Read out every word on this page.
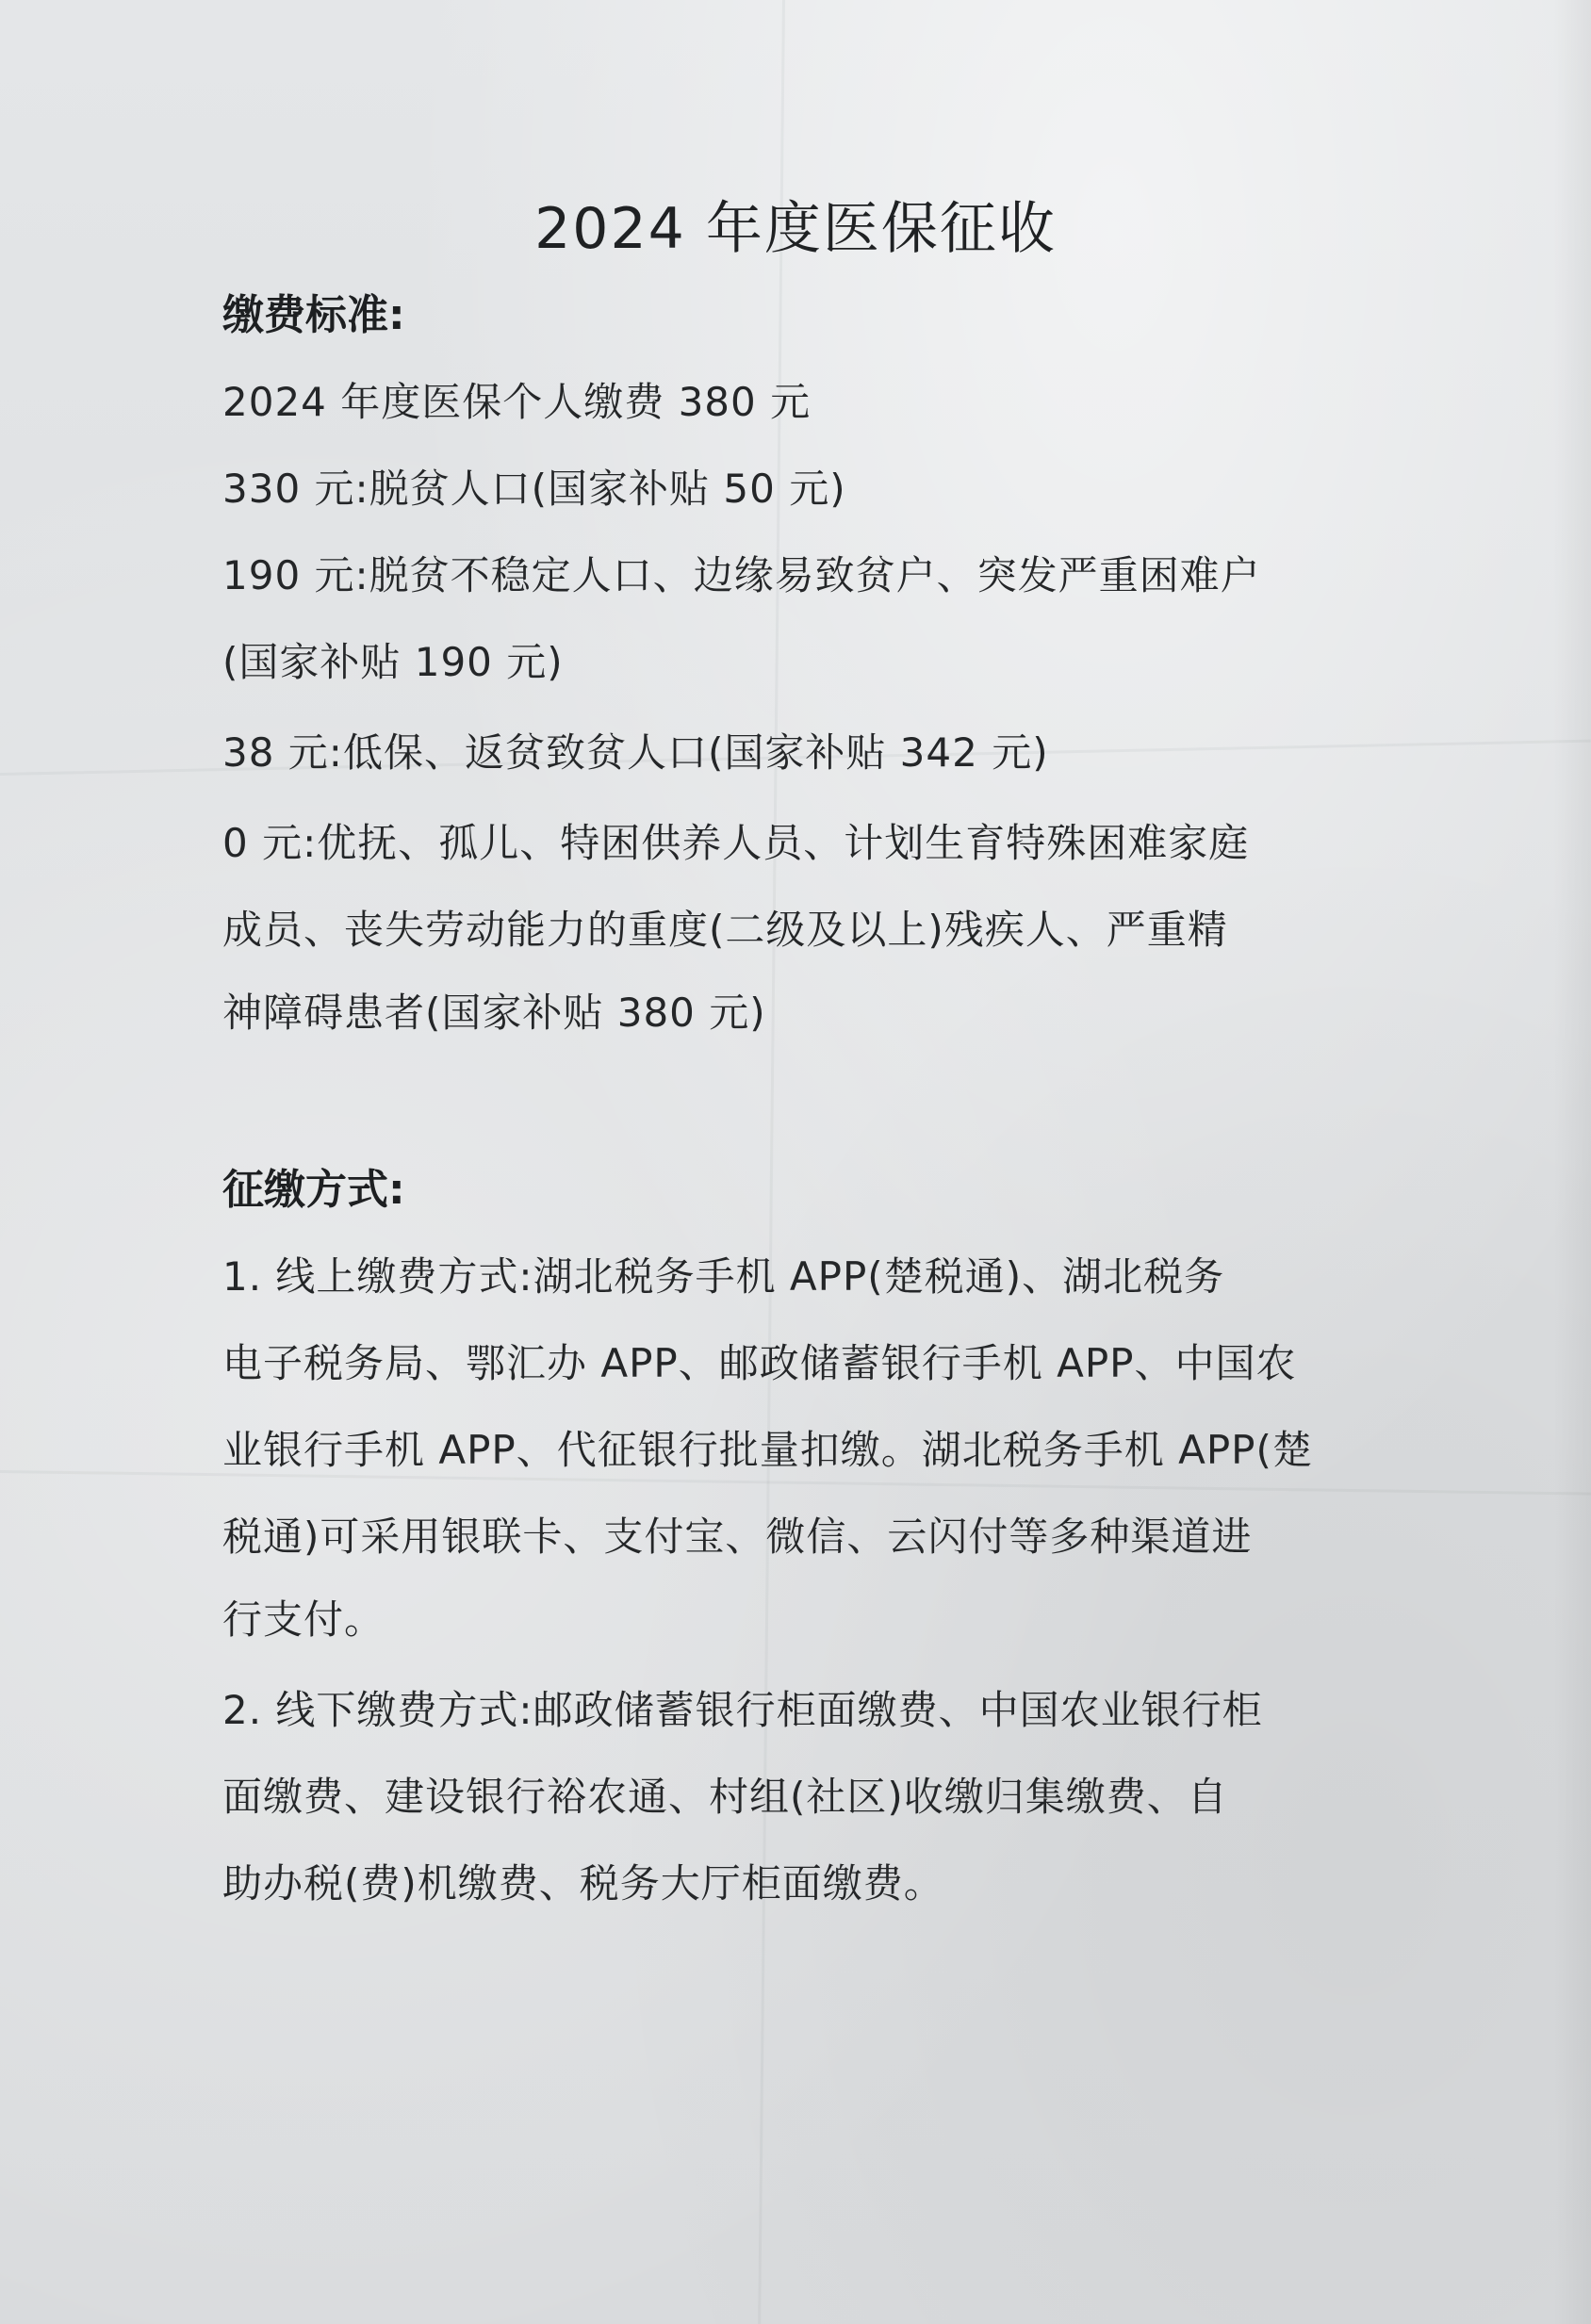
2024 年度医保征收
缴费标准:
2024 年度医保个人缴费 380 元
330 元:脱贫人口(国家补贴 50 元)
190 元:脱贫不稳定人口、边缘易致贫户、突发严重困难户
(国家补贴 190 元)
38 元:低保、返贫致贫人口(国家补贴 342 元)
0 元:优抚、孤儿、特困供养人员、计划生育特殊困难家庭
成员、丧失劳动能力的重度(二级及以上)残疾人、严重精
神障碍患者(国家补贴 380 元)
征缴方式:
1. 线上缴费方式:湖北税务手机 APP(楚税通)、湖北税务
电子税务局、鄂汇办 APP、邮政储蓄银行手机 APP、中国农
业银行手机 APP、代征银行批量扣缴。湖北税务手机 APP(楚
税通)可采用银联卡、支付宝、微信、云闪付等多种渠道进
行支付。
2. 线下缴费方式:邮政储蓄银行柜面缴费、中国农业银行柜
面缴费、建设银行裕农通、村组(社区)收缴归集缴费、自
助办税(费)机缴费、税务大厅柜面缴费。
